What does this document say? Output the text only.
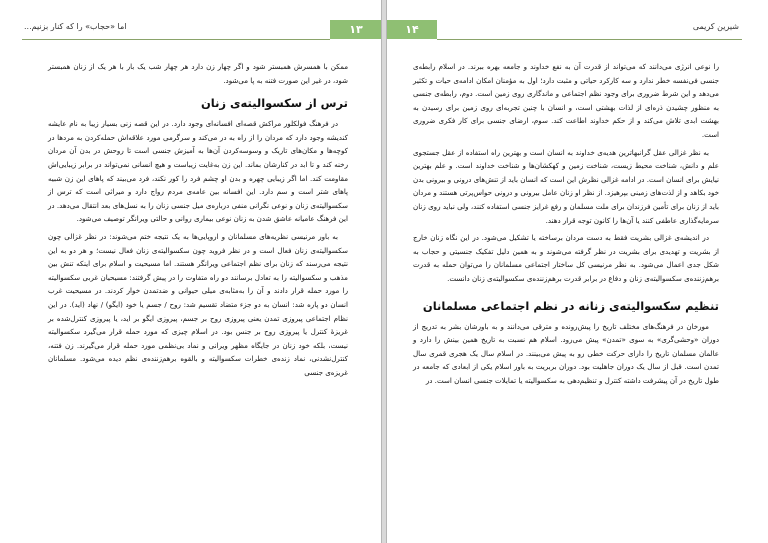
اما «حجاب» را که کنار بزنیم...	۱۳

ممکن با همسرش همبستر شود و اگر چهار زن دارد هر چهار شب یک بار با هر یک از زنان همبستر شود، در غیر این صورت فتنه به پا می‌شود.

ترس از سکسوالیته‌ی زنان

در فرهنگ فولکلور مراکش قصه‌ای افسانه‌ای وجود دارد. در این قصه زنی بسیار زیبا به نام عایشه کندیشه وجود دارد که مردان را از راه به در می‌کند و سرگرمی مورد علاقه‌اش حمله‌کردن به مردها در کوچه‌ها و مکان‌های تاریک و وسوسه‌کردن آن‌ها به آمیزش جنسی است تا روحش در بدن آن مردان رخنه کند و تا ابد در کنارشان بماند. این زن به‌غایت زیباست و هیچ انسانی نمی‌تواند در برابر زیبایی‌اش مقاومت کند. اما اگر زیبایی چهره و بدن او چشم فرد را کور نکند، فرد می‌بیند که پاهای این زن شبیه پاهای شتر است و سم دارد. این افسانه بین عامه‌ی مردم رواج دارد و میراثی است که ترس از سکسوالیته‌ی زنان و نوعی نگرانی منفی درباره‌ی میل جنسی زنان را به نسل‌های بعد انتقال می‌دهد. در این فرهنگ عامیانه عاشق شدن به زنان نوعی بیماری روانی و حالتی ویرانگر توصیف می‌شود.

به باور مرنیسی نظریه‌های مسلمانان و اروپایی‌ها به یک نتیجه ختم می‌شوند: در نظر غزالی چون سکسوالیته‌ی زنان فعال است و در نظر فروید چون سکسوالیته‌ی زنان فعال نیست؛ و هر دو به این نتیجه می‌رسند که زنان برای نظم اجتماعی ویرانگر هستند. اما مسیحیت و اسلام برای اینکه تنش بین مذهب و سکسوالیته را به تعادل برسانند دو راه متفاوت را در پیش گرفتند: مسیحیان غربی سکسوالیته را مورد حمله قرار دادند و آن را به‌مثابه‌ی میلی حیوانی و ضدتمدن خوار کردند. در مسیحیت غرب انسان دو پاره شد: انسان به دو جزء متضاد تقسیم شد: روح / جسم یا خود (ایگو) / نهاد (اید). در این نظام اجتماعی پیروزی تمدن یعنی پیروزی روح بر جسم، پیروزی ایگو بر اید، یا پیروزی کنترل‌شده بر غریزهٔ کنترل یا پیروزی روح بر جنس بود. در اسلام چیزی که مورد حمله قرار می‌گیرد سکسوالیته نیست، بلکه خود زنان در جایگاه مظهر ویرانی و نماد بی‌نظمی مورد حمله قرار می‌گیرند. زن فتنه، کنترل‌نشدنی، نماد زنده‌ی خطرات سکسوالیته و بالقوه برهم‌زننده‌ی نظم دیده می‌شود. مسلمانان غریزه‌ی جنسی

۱۴	شیرین کریمی

را نوعی انرژی می‌دانند که می‌تواند از قدرت آن به نفع خداوند و جامعه بهره ببرند. در اسلام رابطه‌ی جنسی فی‌نفسه خطر ندارد و سه کارکرد حیاتی و مثبت دارد؛ اول به مؤمنان امکان ادامه‌ی حیات و تکثیر می‌دهد و این شرط ضروری برای وجود نظم اجتماعی و ماندگاری روی زمین است. دوم، رابطه‌ی جنسی به منظور چشیدن ذره‌ای از لذات بهشتی است، و انسان با چنین تجربه‌ای روی زمین برای رسیدن به بهشت ابدی تلاش می‌کند و از حکم خداوند اطاعت کند. سوم، ارضای جنسی برای کار فکری ضروری است.

به نظر غزالی عقل گرانبهاترین هدیه‌ی خداوند به انسان است و بهترین راه استفاده از عقل جستجوی علم و دانش، شناخت محیط زیست، شناخت زمین و کهکشان‌ها و شناخت خداوند است. و علم بهترین نیایش برای انسان است. در ادامه غزالی نظرش این است که انسان باید از تنش‌های درونی و بیرونی بدن خود بکاهد و از لذت‌های زمینی بپرهیزد. از نظر او زنان عامل بیرونی و درونی حواس‌پرتی هستند و مردان باید از زنان برای تأمین فرزندان برای ملت مسلمان و رفع غرایز جنسی استفاده کنند، ولی نباید روی زنان سرمایه‌گذاری عاطفی کنند یا آن‌ها را کانون توجه قرار دهند.

در اندیشه‌ی غزالی بشریت فقط به دست مردان برساخته یا تشکیل می‌شود. در این نگاه زنان خارج از بشریت و تهدیدی برای بشریت در نظر گرفته می‌شوند و به همین دلیل تفکیک جنسیتی و حجاب به شکل جدی اعمال می‌شود. به نظر مرنیسی کل ساختار اجتماعی مسلمانان را می‌توان حمله به قدرت برهم‌زننده‌ی سکسوالیته‌ی زنان و دفاع در برابر قدرت برهم‌زننده‌ی سکسوالیته‌ی زنان دانست.

تنظیم سکسوالیته‌ی زنانه در نظم اجتماعی مسلمانان

مورخان در فرهنگ‌های مختلف تاریخ را پیش‌رونده و مترقی می‌دانند و به باورشان بشر به تدریج از دوران «وحشی‌گری» به سوی «تمدن» پیش می‌رود. اسلام هم نسبت به تاریخ همین بینش را دارد و عالمان مسلمان تاریخ را دارای حرکت خطی رو به پیش می‌بینند. در اسلام سال یک هجری قمری سال تمدن است. قبل از سال یک دوران جاهلیت بود. دوران بربریت به باور اسلام یکی از ابعادی که جامعه در طول تاریخ در آن پیشرفت داشته کنترل و تنظیم‌دهی به سکسوالیته یا تمایلات جنسی انسان است. در
